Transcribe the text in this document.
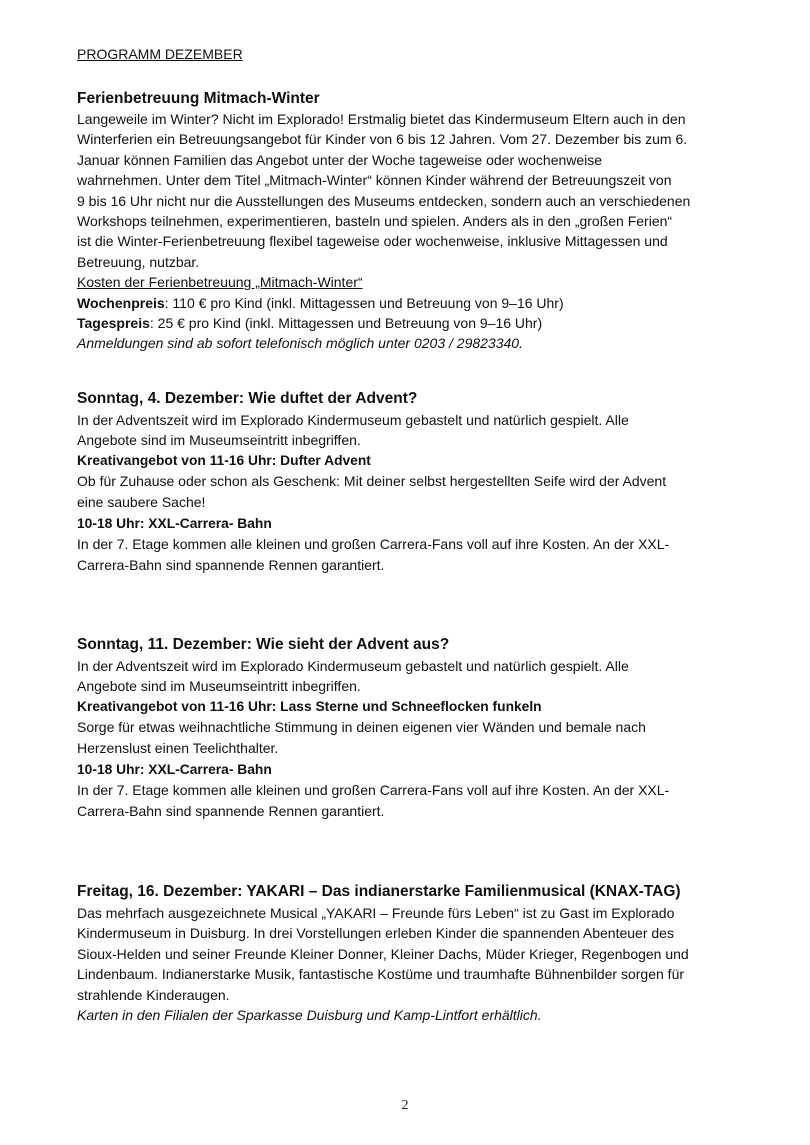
PROGRAMM DEZEMBER

Ferienbetreuung Mitmach-Winter

Langeweile im Winter? Nicht im Explorado! Erstmalig bietet das Kindermuseum Eltern auch in den

Winterferien ein Betreuungsangebot für Kinder von 6 bis 12 Jahren. Vom 27. Dezember bis zum 6.

Januar können Familien das Angebot unter der Woche tageweise oder wochenweise

wahrnehmen. Unter dem Titel „Mitmach-Winter“ können Kinder während der Betreuungszeit von

9 bis 16 Uhr nicht nur die Ausstellungen des Museums entdecken, sondern auch an verschiedenen

Workshops teilnehmen, experimentieren, basteln und spielen. Anders als in den „großen Ferien“

ist die Winter-Ferienbetreuung flexibel tageweise oder wochenweise, inklusive Mittagessen und

Betreuung, nutzbar.

Kosten der Ferienbetreuung „Mitmach-Winter“

Wochenpreis: 110 € pro Kind (inkl. Mittagessen und Betreuung von 9–16 Uhr)

Tagespreis: 25 € pro Kind (inkl. Mittagessen und Betreuung von 9–16 Uhr)

Anmeldungen sind ab sofort telefonisch möglich unter 0203 / 29823340.

Sonntag, 4. Dezember: Wie duftet der Advent?

In der Adventszeit wird im Explorado Kindermuseum gebastelt und natürlich gespielt. Alle

Angebote sind im Museumseintritt inbegriffen.

Kreativangebot von 11-16 Uhr: Dufter Advent

Ob für Zuhause oder schon als Geschenk: Mit deiner selbst hergestellten Seife wird der Advent

eine saubere Sache!

10-18 Uhr: XXL-Carrera- Bahn

In der 7. Etage kommen alle kleinen und großen Carrera-Fans voll auf ihre Kosten. An der XXL-

Carrera-Bahn sind spannende Rennen garantiert.

Sonntag, 11. Dezember: Wie sieht der Advent aus?

In der Adventszeit wird im Explorado Kindermuseum gebastelt und natürlich gespielt. Alle

Angebote sind im Museumseintritt inbegriffen.

Kreativangebot von 11-16 Uhr: Lass Sterne und Schneeflocken funkeln

Sorge für etwas weihnachtliche Stimmung in deinen eigenen vier Wänden und bemale nach

Herzenslust einen Teelichthalter.

10-18 Uhr: XXL-Carrera- Bahn

In der 7. Etage kommen alle kleinen und großen Carrera-Fans voll auf ihre Kosten. An der XXL-

Carrera-Bahn sind spannende Rennen garantiert.

Freitag, 16. Dezember: YAKARI – Das indianerstarke Familienmusical (KNAX-TAG)

Das mehrfach ausgezeichnete Musical „YAKARI – Freunde fürs Leben“ ist zu Gast im Explorado

Kindermuseum in Duisburg. In drei Vorstellungen erleben Kinder die spannenden Abenteuer des

Sioux-Helden und seiner Freunde Kleiner Donner, Kleiner Dachs, Müder Krieger, Regenbogen und

Lindenbaum. Indianerstarke Musik, fantastische Kostüme und traumhafte Bühnenbilder sorgen für

strahlende Kinderaugen.

Karten in den Filialen der Sparkasse Duisburg und Kamp-Lintfort erhältlich.

2
